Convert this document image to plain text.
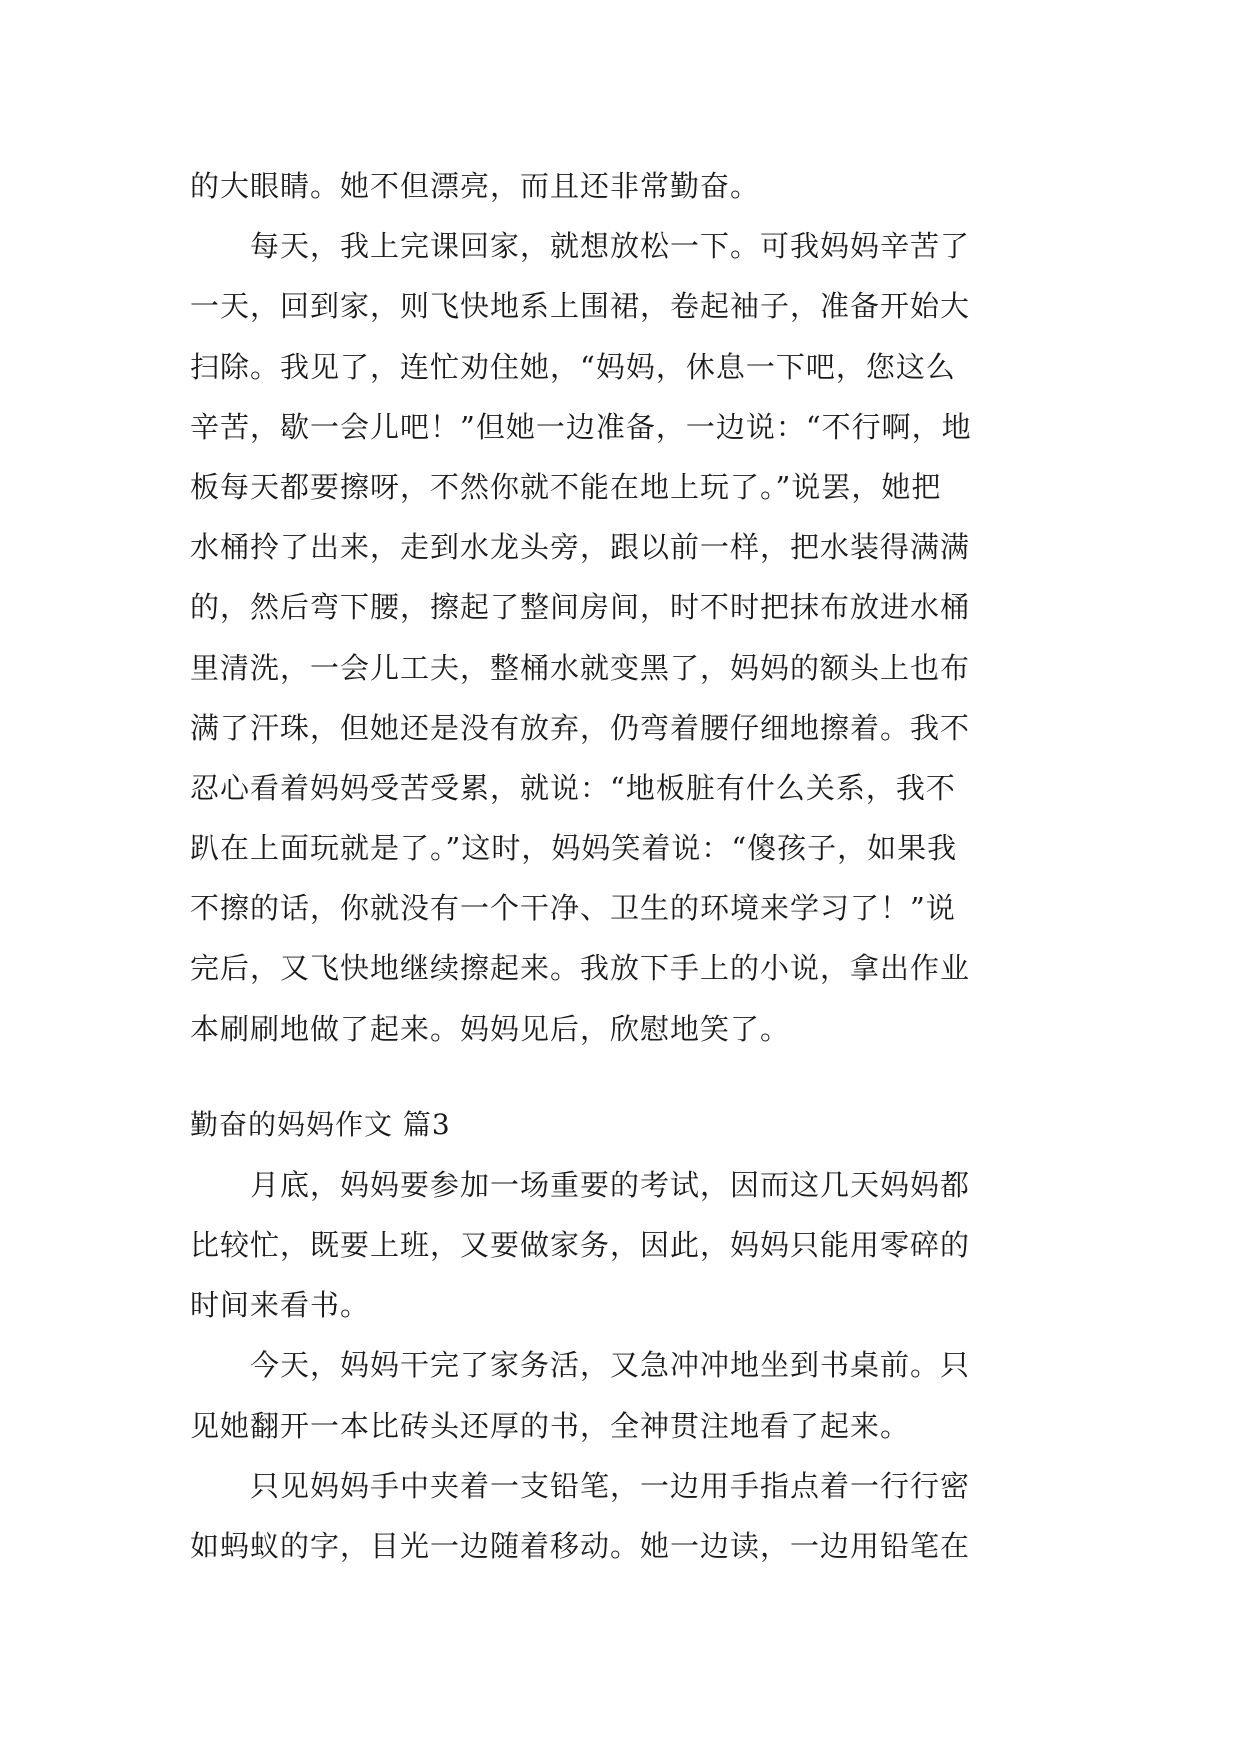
的大眼睛。她不但漂亮，而且还非常勤奋。
每天，我上完课回家，就想放松一下。可我妈妈辛苦了
一天，回到家，则飞快地系上围裙，卷起袖子，准备开始大
扫除。我见了，连忙劝住她，“妈妈，休息一下吧，您这么
辛苦，歇一会儿吧！”但她一边准备，一边说：“不行啊，地
板每天都要擦呀，不然你就不能在地上玩了。”说罢，她把
水桶拎了出来，走到水龙头旁，跟以前一样，把水装得满满
的，然后弯下腰，擦起了整间房间，时不时把抹布放进水桶
里清洗，一会儿工夫，整桶水就变黑了，妈妈的额头上也布
满了汗珠，但她还是没有放弃，仍弯着腰仔细地擦着。我不
忍心看着妈妈受苦受累，就说：“地板脏有什么关系，我不
趴在上面玩就是了。”这时，妈妈笑着说：“傻孩子，如果我
不擦的话，你就没有一个干净、卫生的环境来学习了！”说
完后，又飞快地继续擦起来。我放下手上的小说，拿出作业
本刷刷地做了起来。妈妈见后，欣慰地笑了。
勤奋的妈妈作文 篇3
月底，妈妈要参加一场重要的考试，因而这几天妈妈都
比较忙，既要上班，又要做家务，因此，妈妈只能用零碎的
时间来看书。
今天，妈妈干完了家务活，又急冲冲地坐到书桌前。只
见她翻开一本比砖头还厚的书，全神贯注地看了起来。
只见妈妈手中夹着一支铅笔，一边用手指点着一行行密
如蚂蚁的字，目光一边随着移动。她一边读，一边用铅笔在
